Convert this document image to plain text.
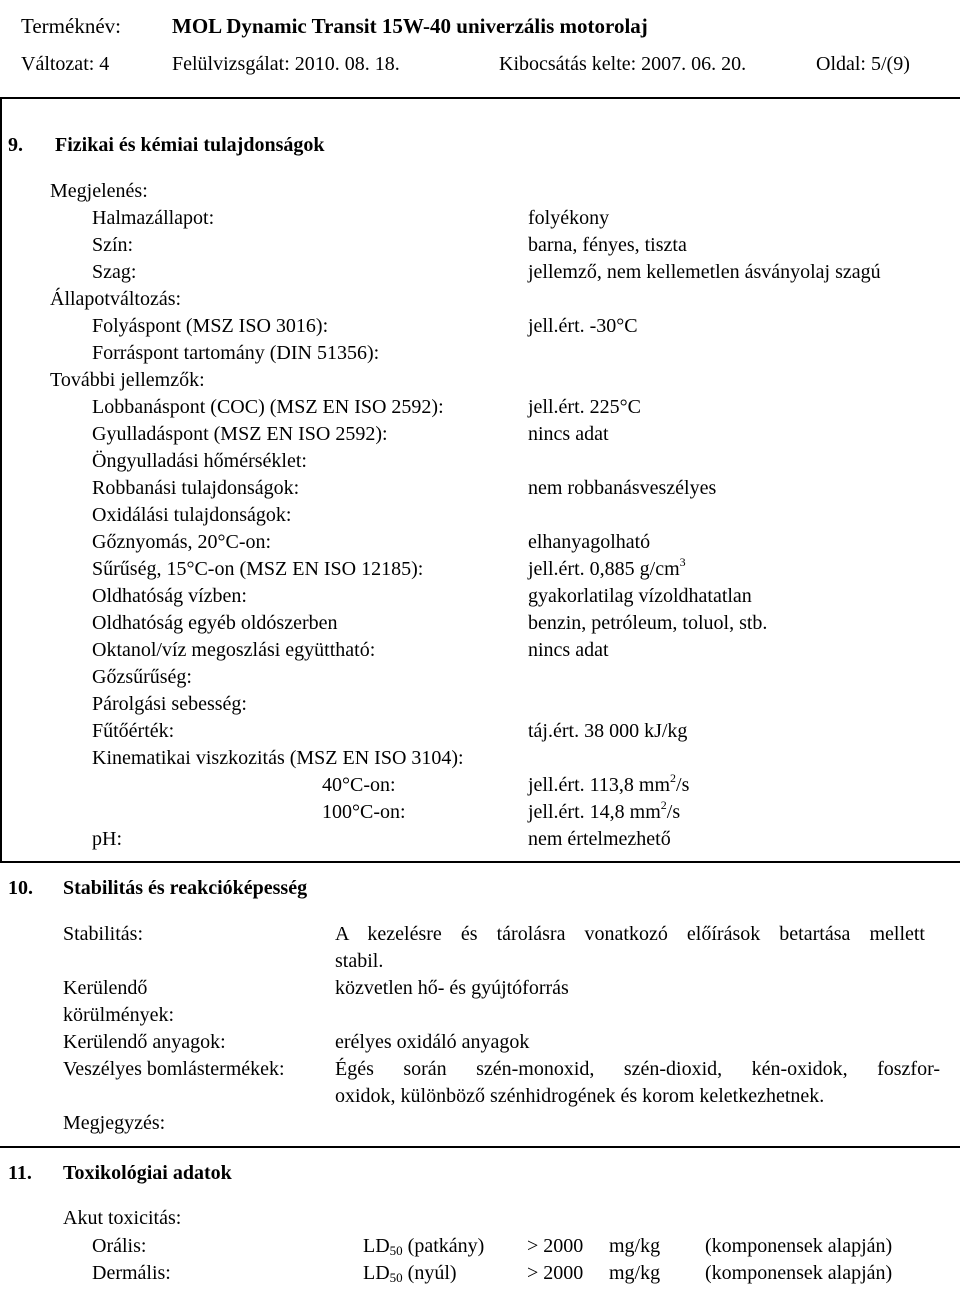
Terméknév: MOL Dynamic Transit 15W-40 univerzális motorolaj
Változat: 4	Felülvizsgálat: 2010. 08. 18.	Kibocsátás kelte: 2007. 06. 20.	Oldal: 5/(9)
9. Fizikai és kémiai tulajdonságok
Megjelenés:
Halmazállapot:	folyékony
Szín:	barna, fényes, tiszta
Szag:	jellemző, nem kellemetlen ásványolaj szagú
Állapotváltozás:
Folyáspont (MSZ ISO 3016):	jell.ért. -30°C
Forráspont tartomány (DIN 51356):
További jellemzők:
Lobbanáspont (COC) (MSZ EN ISO 2592):	jell.ért. 225°C
Gyulladáspont (MSZ EN ISO 2592):	nincs adat
Öngyulladási hőmérséklet:
Robbanási tulajdonságok:	nem robbanásveszélyes
Oxidálási tulajdonságok:
Gőznyomás, 20°C-on:	elhanyagolható
Sűrűség, 15°C-on (MSZ EN ISO 12185):	jell.ért. 0,885 $g/cm^3$
Oldhatóság vízben:	gyakorlatilag vízoldhatatlan
Oldhatóság egyéb oldószerben	benzin, petróleum, toluol, stb.
Oktanol/víz megoszlási együttható:	nincs adat
Gőzsűrűség:
Párolgási sebesség:
Fűtőérték:	táj.ért. 38 000 kJ/kg
Kinematikai viszkozitás (MSZ EN ISO 3104):
40°C-on:	jell.ért. 113,8 $mm^2/s$
100°C-on:	jell.ért. 14,8 $mm^2/s$
pH:	nem értelmezhető
10. Stabilitás és reakcióképesség
Stabilitás:	A kezelésre és tárolásra vonatkozó előírások betartása mellett
stabil.
Kerülendő
körülmények:
közvetlen hő- és gyújtóforrás
Kerülendő anyagok:	erélyes oxidáló anyagok
Veszélyes bomlástermékek:	Égés során szén-monoxid, szén-dioxid, kén-oxidok, foszfor-
oxidok, különböző szénhidrogének és korom keletkezhetnek.
Megjegyzés:
11. Toxikológiai adatok
Akut toxicitás:
Orális:	$LD_{50}$ (patkány) > 2000 mg/kg (komponensek alapján)
Dermális:	$LD_{50}$ (nyúl)	> 2000 mg/kg (komponensek alapján)
